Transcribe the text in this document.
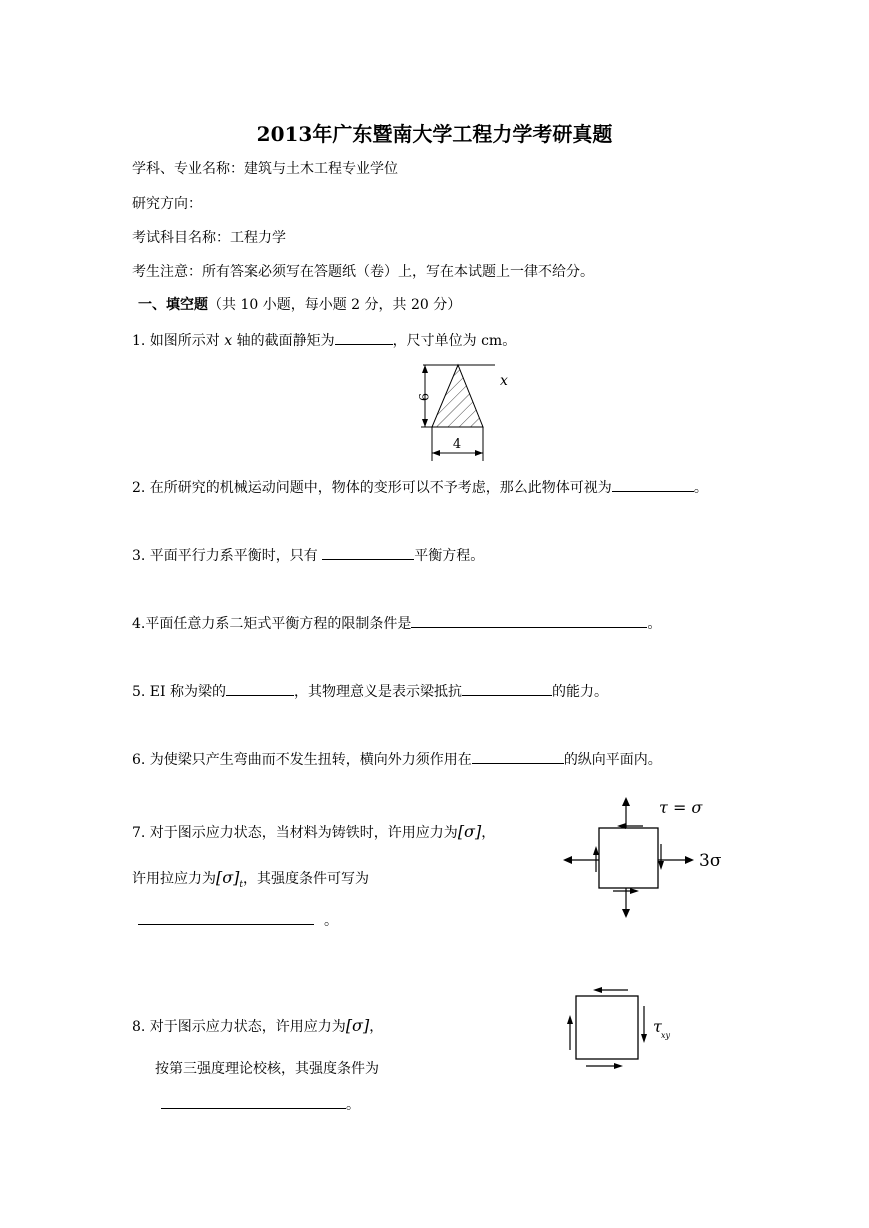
2013年广东暨南大学工程力学考研真题
学科、专业名称：建筑与土木工程专业学位
研究方向：
考试科目名称：工程力学
考生注意：所有答案必须写在答题纸（卷）上，写在本试题上一律不给分。
一、填空题（共 10 小题，每小题 2 分，共 20 分）
1. 如图所示对 x 轴的截面静矩为	，尺寸单位为 cm。
x
9
4
2. 在所研究的机械运动问题中，物体的变形可以不予考虑，那么此物体可视为	。
3. 平面平行力系平衡时，只有	平衡方程。
4.平面任意力系二矩式平衡方程的限制条件是	。
5. EI 称为梁的	，其物理意义是表示梁抵抗	的能力。
6. 为使梁只产生弯曲而不发生扭转，横向外力须作用在	的纵向平面内。
7. 对于图示应力状态，当材料为铸铁时，许用应力为[σ]，
许用拉应力为$[\sigma]_t$，其强度条件可写为
。
τ = σ
3σ
8. 对于图示应力状态，许用应力为[σ]，
按第三强度理论校核，其强度条件为
。
τ xy
